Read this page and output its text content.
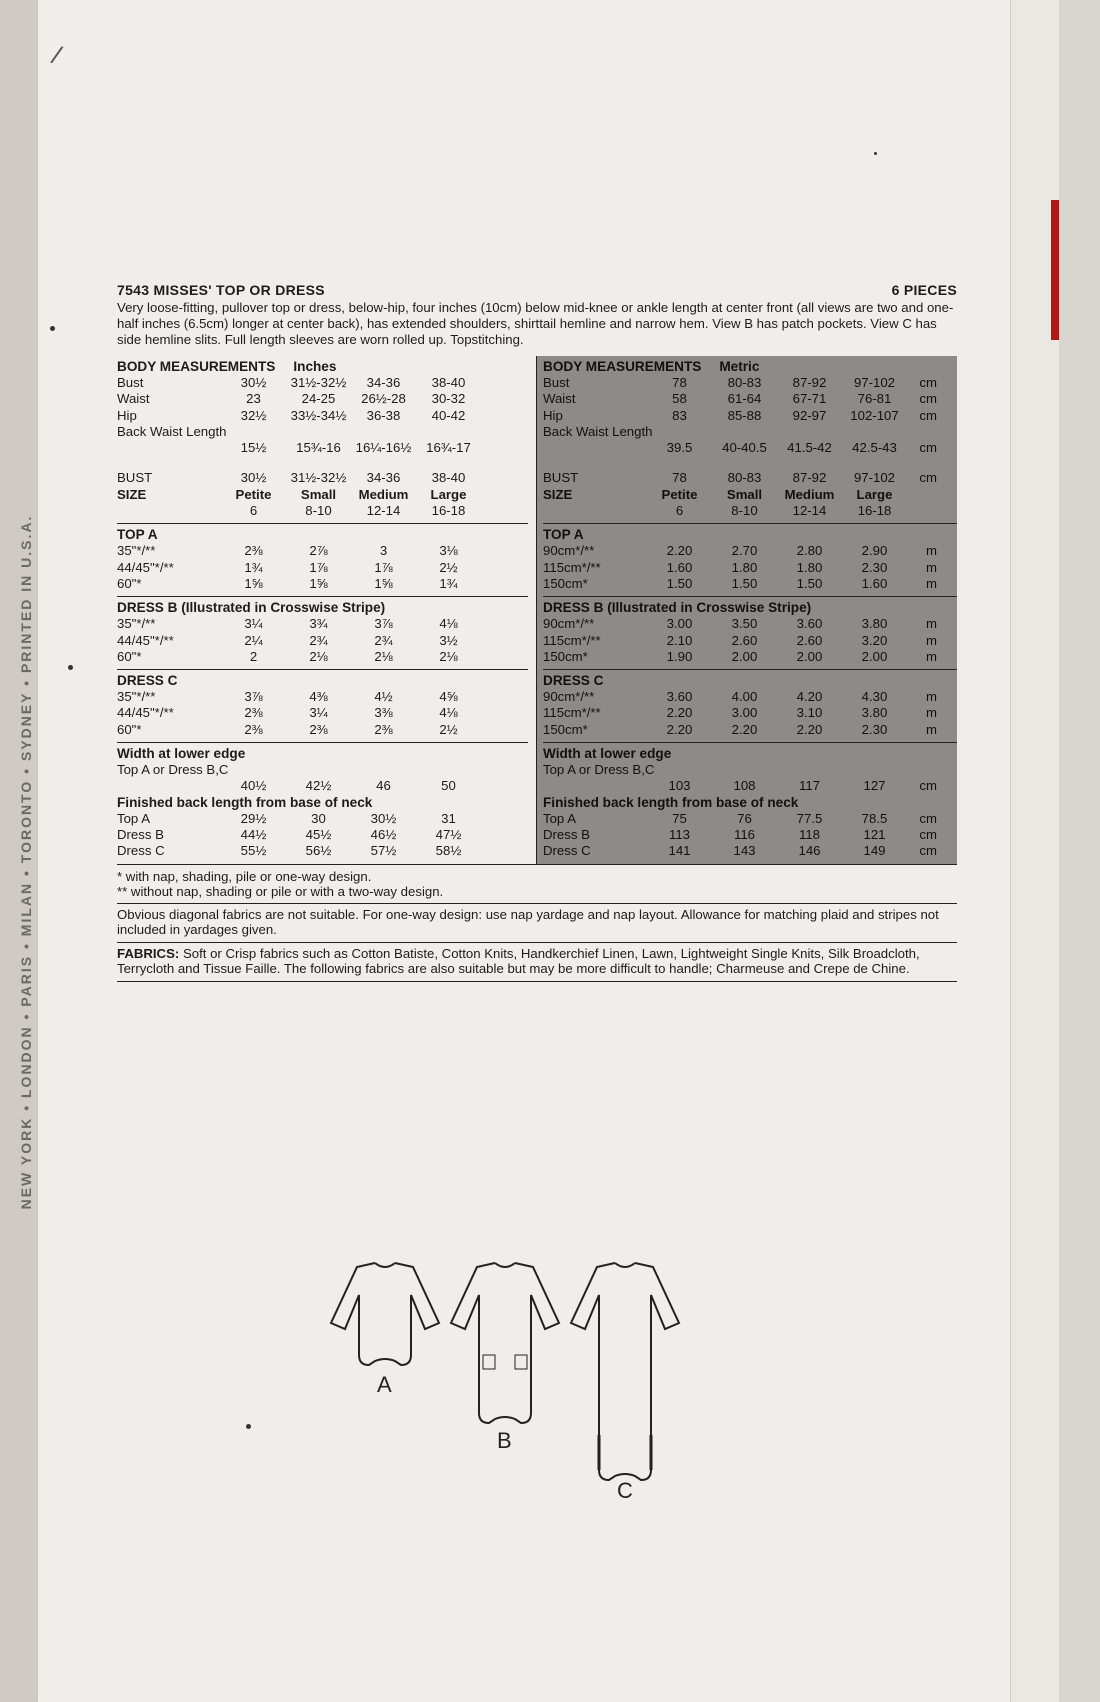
NEW YORK • LONDON • PARIS • MILAN • TORONTO • SYDNEY • PRINTED IN U.S.A.
/
7543 MISSES' TOP OR DRESS	6 PIECES
Very loose-fitting, pullover top or dress, below-hip, four inches (10cm) below mid-knee or ankle length at center front (all views are two and one-half inches (6.5cm) longer at center back), has extended shoulders, shirttail hemline and narrow hem. View B has patch pockets. View C has side hemline slits. Full length sleeves are worn rolled up. Topstitching.
BODY MEASUREMENTS Inches
Bust	30½	31½-32½	34-36	38-40
Waist	23	24-25	26½-28	30-32
Hip	32½	33½-34½	36-38	40-42
Back Waist Length
15½	15¾-16	16¼-16½	16¾-17
BUST	30½	31½-32½	34-36	38-40
SIZE	Petite	Small	Medium	Large
6	8-10	12-14	16-18
TOP A
35"*/**	2⅜	2⅞	3	3⅛
44/45"*/**	1¾	1⅞	1⅞	2½
60"*	1⅝	1⅝	1⅝	1¾
DRESS B (Illustrated in Crosswise Stripe)
35"*/**	3¼	3¾	3⅞	4⅛
44/45"*/**	2¼	2¾	2¾	3½
60"*	2	2⅛	2⅛	2⅛
DRESS C
35"*/**	3⅞	4⅜	4½	4⅝
44/45"*/**	2⅜	3¼	3⅜	4⅛
60"*	2⅜	2⅜	2⅜	2½
Width at lower edge
Top A or Dress B,C
40½	42½	46	50
Finished back length from base of neck
Top A	29½	30	30½	31
Dress B	44½	45½	46½	47½
Dress C	55½	56½	57½	58½
BODY MEASUREMENTS Metric
Bust	78	80-83	87-92	97-102	cm
Waist	58	61-64	67-71	76-81	cm
Hip	83	85-88	92-97	102-107	cm
Back Waist Length
39.5	40-40.5	41.5-42	42.5-43	cm
BUST	78	80-83	87-92	97-102	cm
SIZE	Petite	Small	Medium	Large
6	8-10	12-14	16-18
TOP A
90cm*/**	2.20	2.70	2.80	2.90	m
115cm*/**	1.60	1.80	1.80	2.30	m
150cm*	1.50	1.50	1.50	1.60	m
DRESS B (Illustrated in Crosswise Stripe)
90cm*/**	3.00	3.50	3.60	3.80	m
115cm*/**	2.10	2.60	2.60	3.20	m
150cm*	1.90	2.00	2.00	2.00	m
DRESS C
90cm*/**	3.60	4.00	4.20	4.30	m
115cm*/**	2.20	3.00	3.10	3.80	m
150cm*	2.20	2.20	2.20	2.30	m
Width at lower edge
Top A or Dress B,C
103	108	117	127	cm
Finished back length from base of neck
Top A	75	76	77.5	78.5	cm
Dress B	113	116	118	121	cm
Dress C	141	143	146	149	cm
* with nap, shading, pile or one-way design.
** without nap, shading or pile or with a two-way design.
Obvious diagonal fabrics are not suitable. For one-way design: use nap yardage and nap layout. Allowance for matching plaid and stripes not included in yardages given.
FABRICS: Soft or Crisp fabrics such as Cotton Batiste, Cotton Knits, Handkerchief Linen, Lawn, Lightweight Single Knits, Silk Broadcloth, Terrycloth and Tissue Faille. The following fabrics are also suitable but may be more difficult to handle; Charmeuse and Crepe de Chine.
A
B
C
